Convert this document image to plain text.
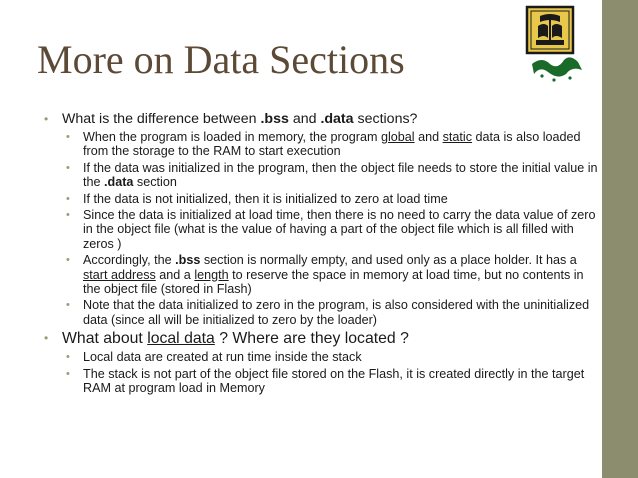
More on Data Sections
• What is the difference between .bss and .data sections?
• When the program is loaded in memory, the program global and static data is also loaded from the storage to the RAM to start execution
• If the data was initialized in the program, then the object file needs to store the initial value in the .data section
• If the data is not initialized, then it is initialized to zero at load time
• Since the data is initialized at load time, then there is no need to carry the data value of zero in the object file (what is the value of having a part of the object file which is all filled with zeros )
• Accordingly, the .bss section is normally empty, and used only as a place holder. It has a start address and a length to reserve the space in memory at load time, but no contents in the object file (stored in Flash)
• Note that the data initialized to zero in the program, is also considered with the uninitialized data (since all will be initialized to zero by the loader)
• What about local data ? Where are they located ?
• Local data are created at run time inside the stack
• The stack is not part of the object file stored on the Flash, it is created directly in the target RAM at program load in Memory
